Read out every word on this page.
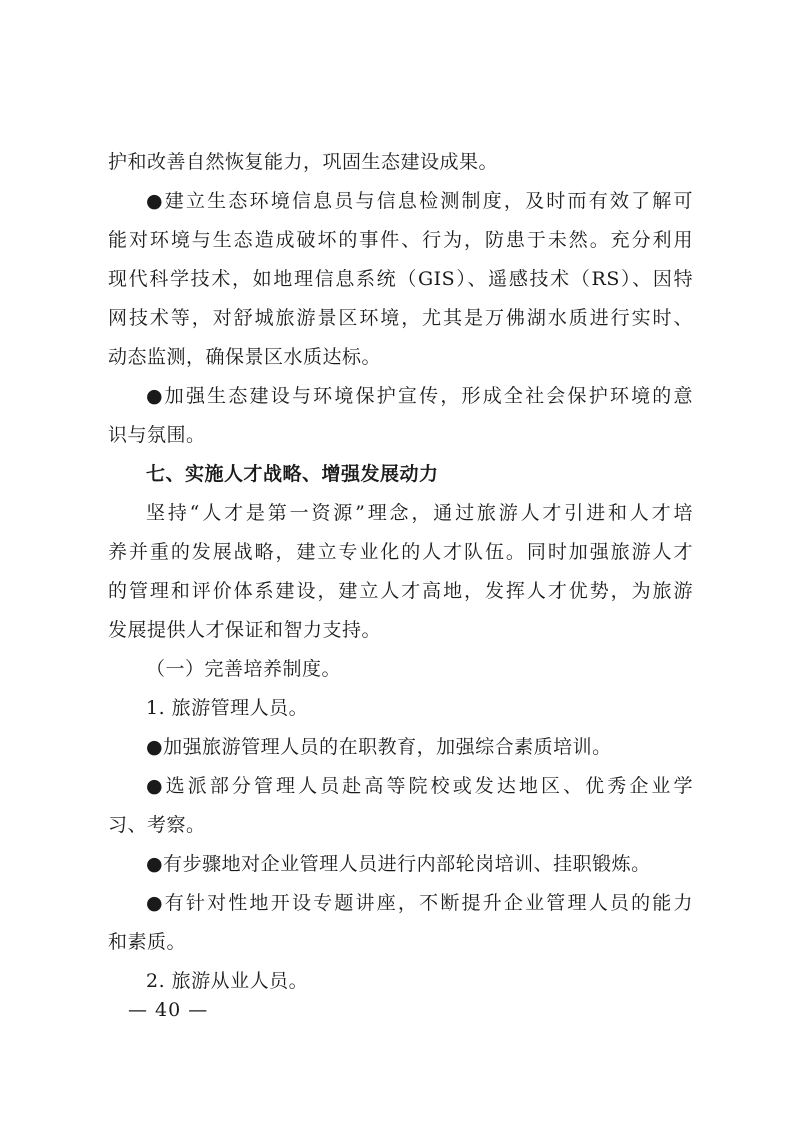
护和改善自然恢复能力，巩固生态建设成果。
●建立生态环境信息员与信息检测制度，及时而有效了解可
能对环境与生态造成破坏的事件、行为，防患于未然。充分利用
现代科学技术，如地理信息系统（GIS）、遥感技术（RS）、因特
网技术等，对舒城旅游景区环境，尤其是万佛湖水质进行实时、
动态监测，确保景区水质达标。
●加强生态建设与环境保护宣传，形成全社会保护环境的意
识与氛围。
七、实施人才战略、增强发展动力
坚持“人才是第一资源”理念，通过旅游人才引进和人才培
养并重的发展战略，建立专业化的人才队伍。同时加强旅游人才
的管理和评价体系建设，建立人才高地，发挥人才优势，为旅游
发展提供人才保证和智力支持。
（一）完善培养制度。
1. 旅游管理人员。
●加强旅游管理人员的在职教育，加强综合素质培训。
●选派部分管理人员赴高等院校或发达地区、优秀企业学
习、考察。
●有步骤地对企业管理人员进行内部轮岗培训、挂职锻炼。
●有针对性地开设专题讲座，不断提升企业管理人员的能力
和素质。
2. 旅游从业人员。
— 40 —
